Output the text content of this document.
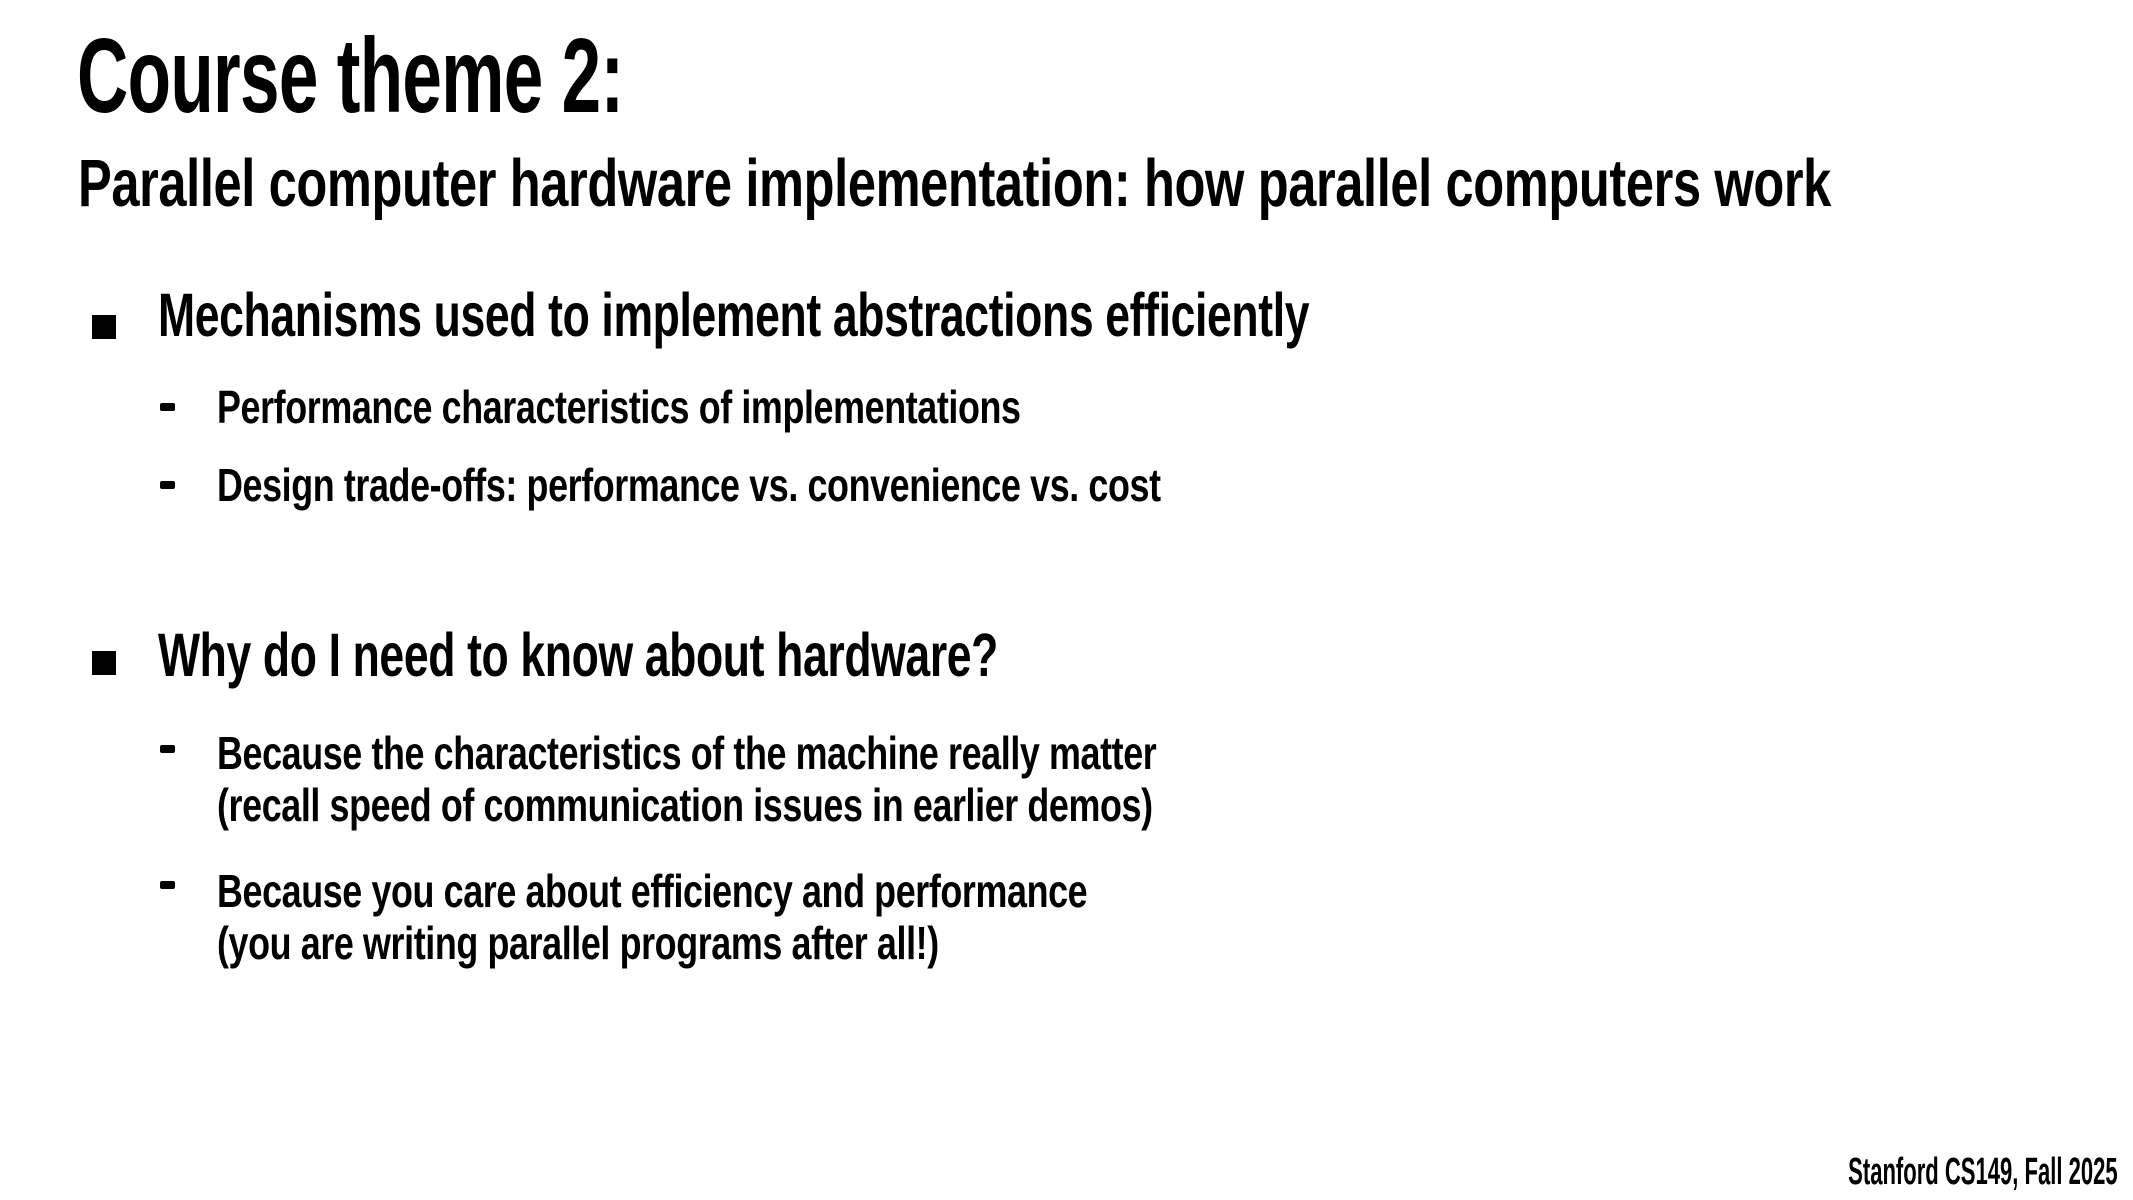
Course theme 2:
Parallel computer hardware implementation: how parallel computers work
Mechanisms used to implement abstractions efficiently
Performance characteristics of implementations
Design trade-offs: performance vs. convenience vs. cost
Why do I need to know about hardware?
Because the characteristics of the machine really matter
(recall speed of communication issues in earlier demos)
Because you care about efficiency and performance
(you are writing parallel programs after all!)
Stanford CS149, Fall 2025
